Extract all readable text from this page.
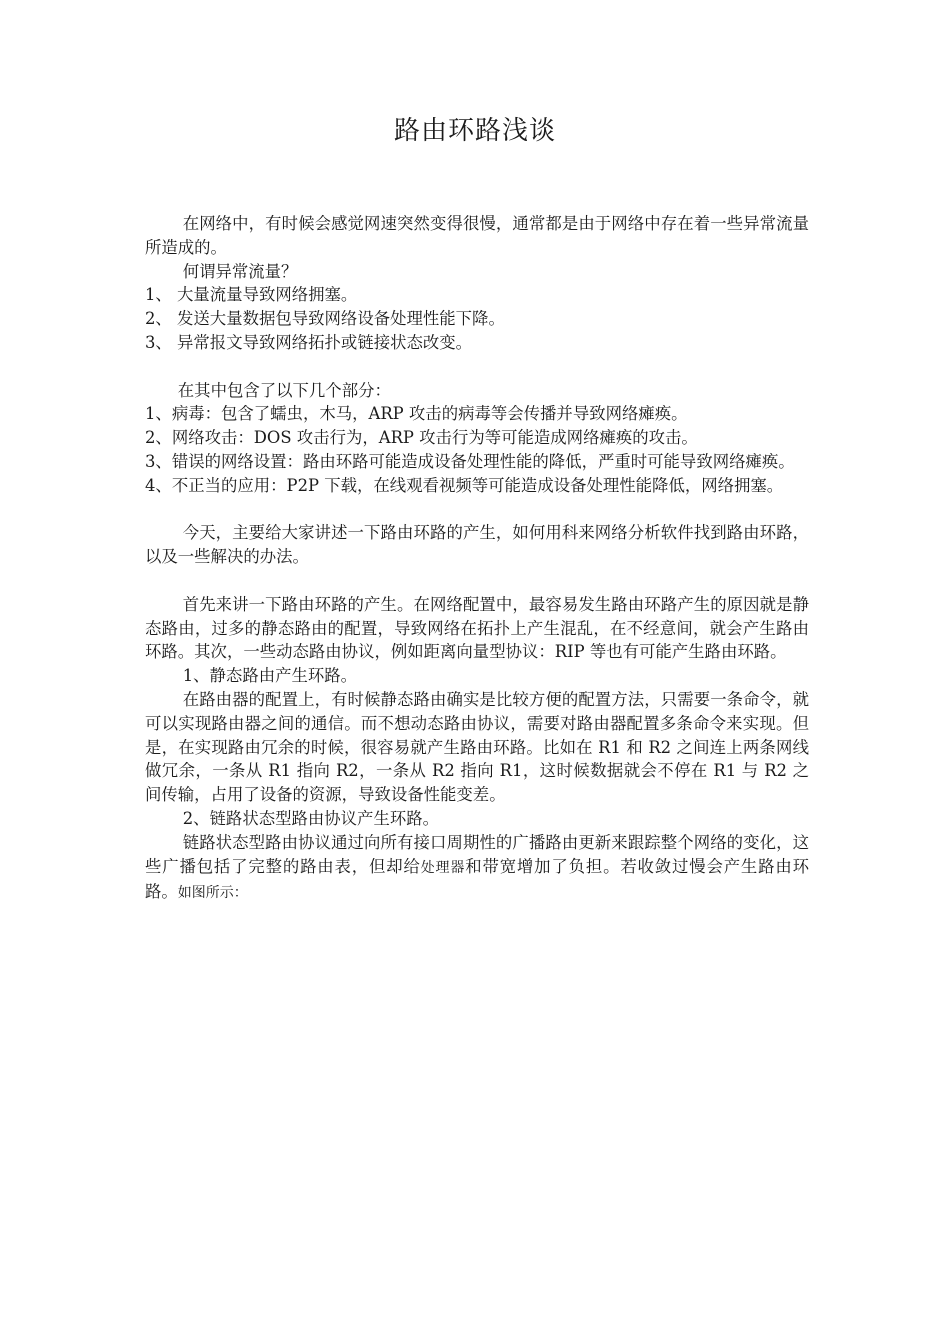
路由环路浅谈

在网络中，有时候会感觉网速突然变得很慢，通常都是由于网络中存在着一些异常流量所造成的。

何谓异常流量？

1、 大量流量导致网络拥塞。

2、 发送大量数据包导致网络设备处理性能下降。

3、 异常报文导致网络拓扑或链接状态改变。

在其中包含了以下几个部分：

1、病毒：包含了蠕虫，木马，ARP 攻击的病毒等会传播并导致网络瘫痪。

2、网络攻击：DOS 攻击行为，ARP 攻击行为等可能造成网络瘫痪的攻击。

3、错误的网络设置：路由环路可能造成设备处理性能的降低，严重时可能导致网络瘫痪。

4、不正当的应用：P2P 下载，在线观看视频等可能造成设备处理性能降低，网络拥塞。

今天，主要给大家讲述一下路由环路的产生，如何用科来网络分析软件找到路由环路，以及一些解决的办法。

首先来讲一下路由环路的产生。在网络配置中，最容易发生路由环路产生的原因就是静态路由，过多的静态路由的配置，导致网络在拓扑上产生混乱，在不经意间，就会产生路由环路。其次，一些动态路由协议，例如距离向量型协议：RIP 等也有可能产生路由环路。

1、静态路由产生环路。

在路由器的配置上，有时候静态路由确实是比较方便的配置方法，只需要一条命令，就可以实现路由器之间的通信。而不想动态路由协议，需要对路由器配置多条命令来实现。但是，在实现路由冗余的时候，很容易就产生路由环路。比如在 R1 和 R2 之间连上两条网线做冗余，一条从 R1 指向 R2，一条从 R2 指向 R1，这时候数据就会不停在 R1 与 R2 之间传输，占用了设备的资源，导致设备性能变差。

2、链路状态型路由协议产生环路。

链路状态型路由协议通过向所有接口周期性的广播路由更新来跟踪整个网络的变化，这些广播包括了完整的路由表，但却给处理器和带宽增加了负担。若收敛过慢会产生路由环路。如图所示：
